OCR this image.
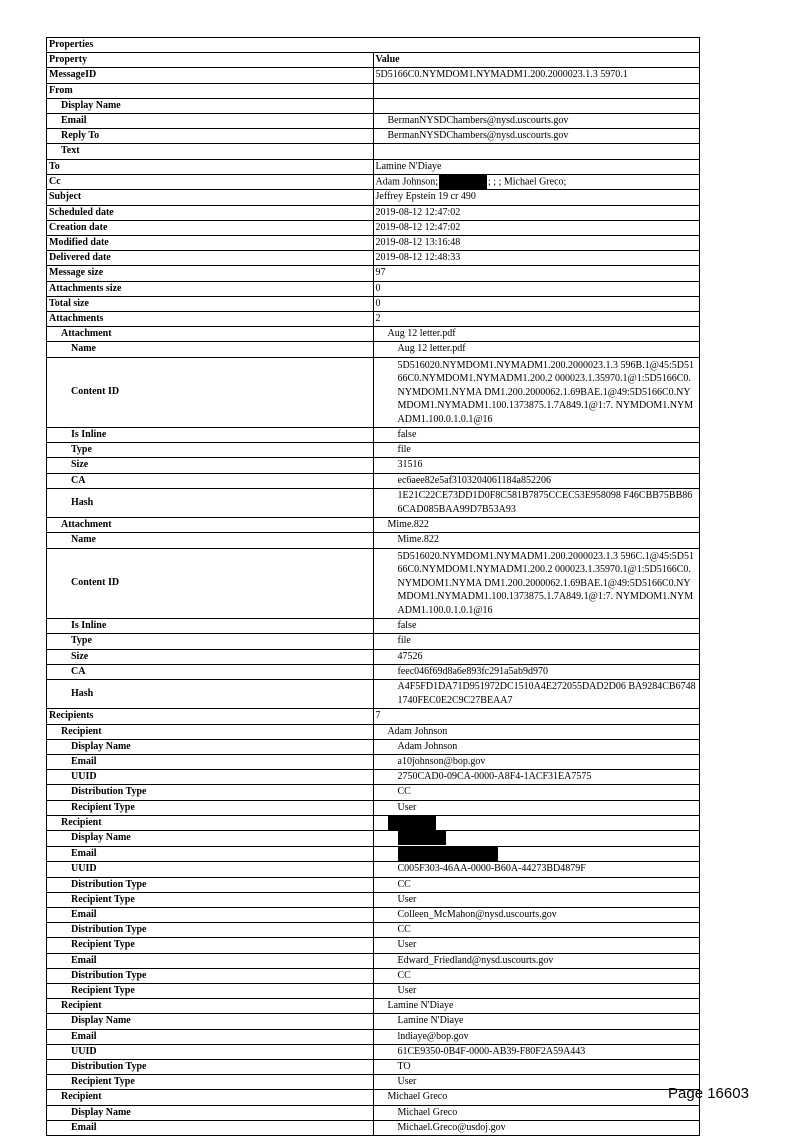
Properties	
Property	Value
MessageID	5D5166C0.NYMDOM1.NYMADM1.200.2000023.1.3 5970.1
From	
Display Name	
Email	BermanNYSDChambers@nysd.uscourts.gov
Reply To	BermanNYSDChambers@nysd.uscourts.gov
Text	
To	Lamine N'Diaye
Cc	Adam Johnson; ; ; ; Michael Greco;
Subject	Jeffrey Epstein 19 cr 490
Scheduled date	2019-08-12 12:47:02
Creation date	2019-08-12 12:47:02
Modified date	2019-08-12 13:16:48
Delivered date	2019-08-12 12:48:33
Message size	97
Attachments size	0
Total size	0
Attachments	2
Attachment	Aug 12 letter.pdf
Name	Aug 12 letter.pdf
Content ID	5D516020.NYMDOM1.NYMADM1.200.2000023.1.3 596B.1@45:5D5166C0.NYMDOM1.NYMADM1.200.2 000023.1.35970.1@1:5D5166C0.NYMDOM1.NYMA DM1.200.2000062.1.69BAE.1@49:5D5166C0.NY MDOM1.NYMADM1.100.1373875.1.7A849.1@1:7. NYMDOM1.NYMADM1.100.0.1.0.1@16
Is Inline	false
Type	file
Size	31516
CA	ec6aee82e5af3103204061184a852206
Hash	1E21C22CE73DD1D0F8C581B7875CCEC53E958098 F46CBB75BB866CAD085BAA99D7B53A93
Attachment	Mime.822
Name	Mime.822
Content ID	5D516020.NYMDOM1.NYMADM1.200.2000023.1.3 596C.1@45:5D5166C0.NYMDOM1.NYMADM1.200.2 000023.1.35970.1@1:5D5166C0.NYMDOM1.NYMA DM1.200.2000062.1.69BAE.1@49:5D5166C0.NY MDOM1.NYMADM1.100.1373875.1.7A849.1@1:7. NYMDOM1.NYMADM1.100.0.1.0.1@16
Is Inline	false
Type	file
Size	47526
CA	feec046f69d8a6e893fc291a5ab9d970
Hash	A4F5FD1DA71D951972DC1510A4E272055DAD2D06 BA9284CB67481740FEC0E2C9C27BEAA7
Recipients	7
Recipient	Adam Johnson
Display Name	Adam Johnson
Email	a10johnson@bop.gov
UUID	2750CAD0-09CA-0000-A8F4-1ACF31EA7575
Distribution Type	CC
Recipient Type	User
Recipient	
Display Name	
Email	
UUID	C005F303-46AA-0000-B60A-44273BD4879F
Distribution Type	CC
Recipient Type	User
Email	Colleen_McMahon@nysd.uscourts.gov
Distribution Type	CC
Recipient Type	User
Email	Edward_Friedland@nysd.uscourts.gov
Distribution Type	CC
Recipient Type	User
Recipient	Lamine N'Diaye
Display Name	Lamine N'Diaye
Email	lndiaye@bop.gov
UUID	61CE9350-0B4F-0000-AB39-F80F2A59A443
Distribution Type	TO
Recipient Type	User
Recipient	Michael Greco
Display Name	Michael Greco
Email	Michael.Greco@usdoj.gov
Page 16603
